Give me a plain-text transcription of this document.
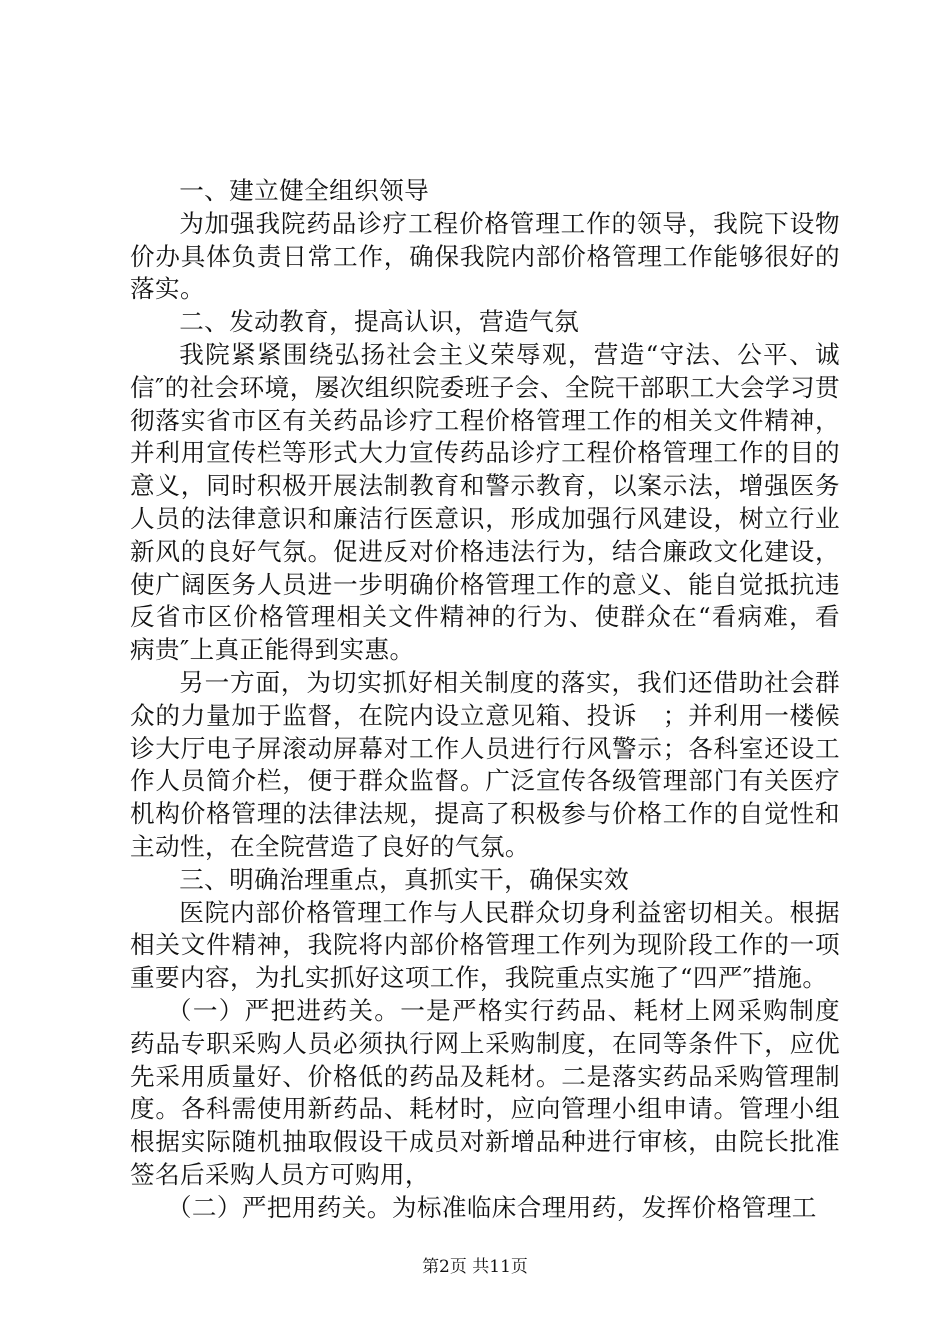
一、建立健全组织领导

为加强我院药品诊疗工程价格管理工作的领导，我院下设物价办具体负责日常工作，确保我院内部价格管理工作能够很好的落实。

二、发动教育，提高认识，营造气氛

我院紧紧围绕弘扬社会主义荣辱观，营造“守法、公平、诚信″的社会环境，屡次组织院委班子会、全院干部职工大会学习贯彻落实省市区有关药品诊疗工程价格管理工作的相关文件精神，并利用宣传栏等形式大力宣传药品诊疗工程价格管理工作的目的意义，同时积极开展法制教育和警示教育，以案示法，增强医务人员的法律意识和廉洁行医意识，形成加强行风建设，树立行业新风的良好气氛。促进反对价格违法行为，结合廉政文化建设，使广阔医务人员进一步明确价格管理工作的意义、能自觉抵抗违反省市区价格管理相关文件精神的行为、使群众在“看病难，看病贵″上真正能得到实惠。

另一方面，为切实抓好相关制度的落实，我们还借助社会群众的力量加于监督，在院内设立意见箱、投诉　；并利用一楼候诊大厅电子屏滚动屏幕对工作人员进行行风警示；各科室还设工作人员简介栏，便于群众监督。广泛宣传各级管理部门有关医疗机构价格管理的法律法规，提高了积极参与价格工作的自觉性和主动性，在全院营造了良好的气氛。

三、明确治理重点，真抓实干，确保实效

医院内部价格管理工作与人民群众切身利益密切相关。根据相关文件精神，我院将内部价格管理工作列为现阶段工作的一项重要内容，为扎实抓好这项工作，我院重点实施了“四严″措施。

（一）严把进药关。一是严格实行药品、耗材上网采购制度药品专职采购人员必须执行网上采购制度，在同等条件下，应优先采用质量好、价格低的药品及耗材。二是落实药品采购管理制度。各科需使用新药品、耗材时，应向管理小组申请。管理小组根据实际随机抽取假设干成员对新增品种进行审核，由院长批准签名后采购人员方可购用，

（二）严把用药关。为标准临床合理用药，发挥价格管理工

第2页 共11页
